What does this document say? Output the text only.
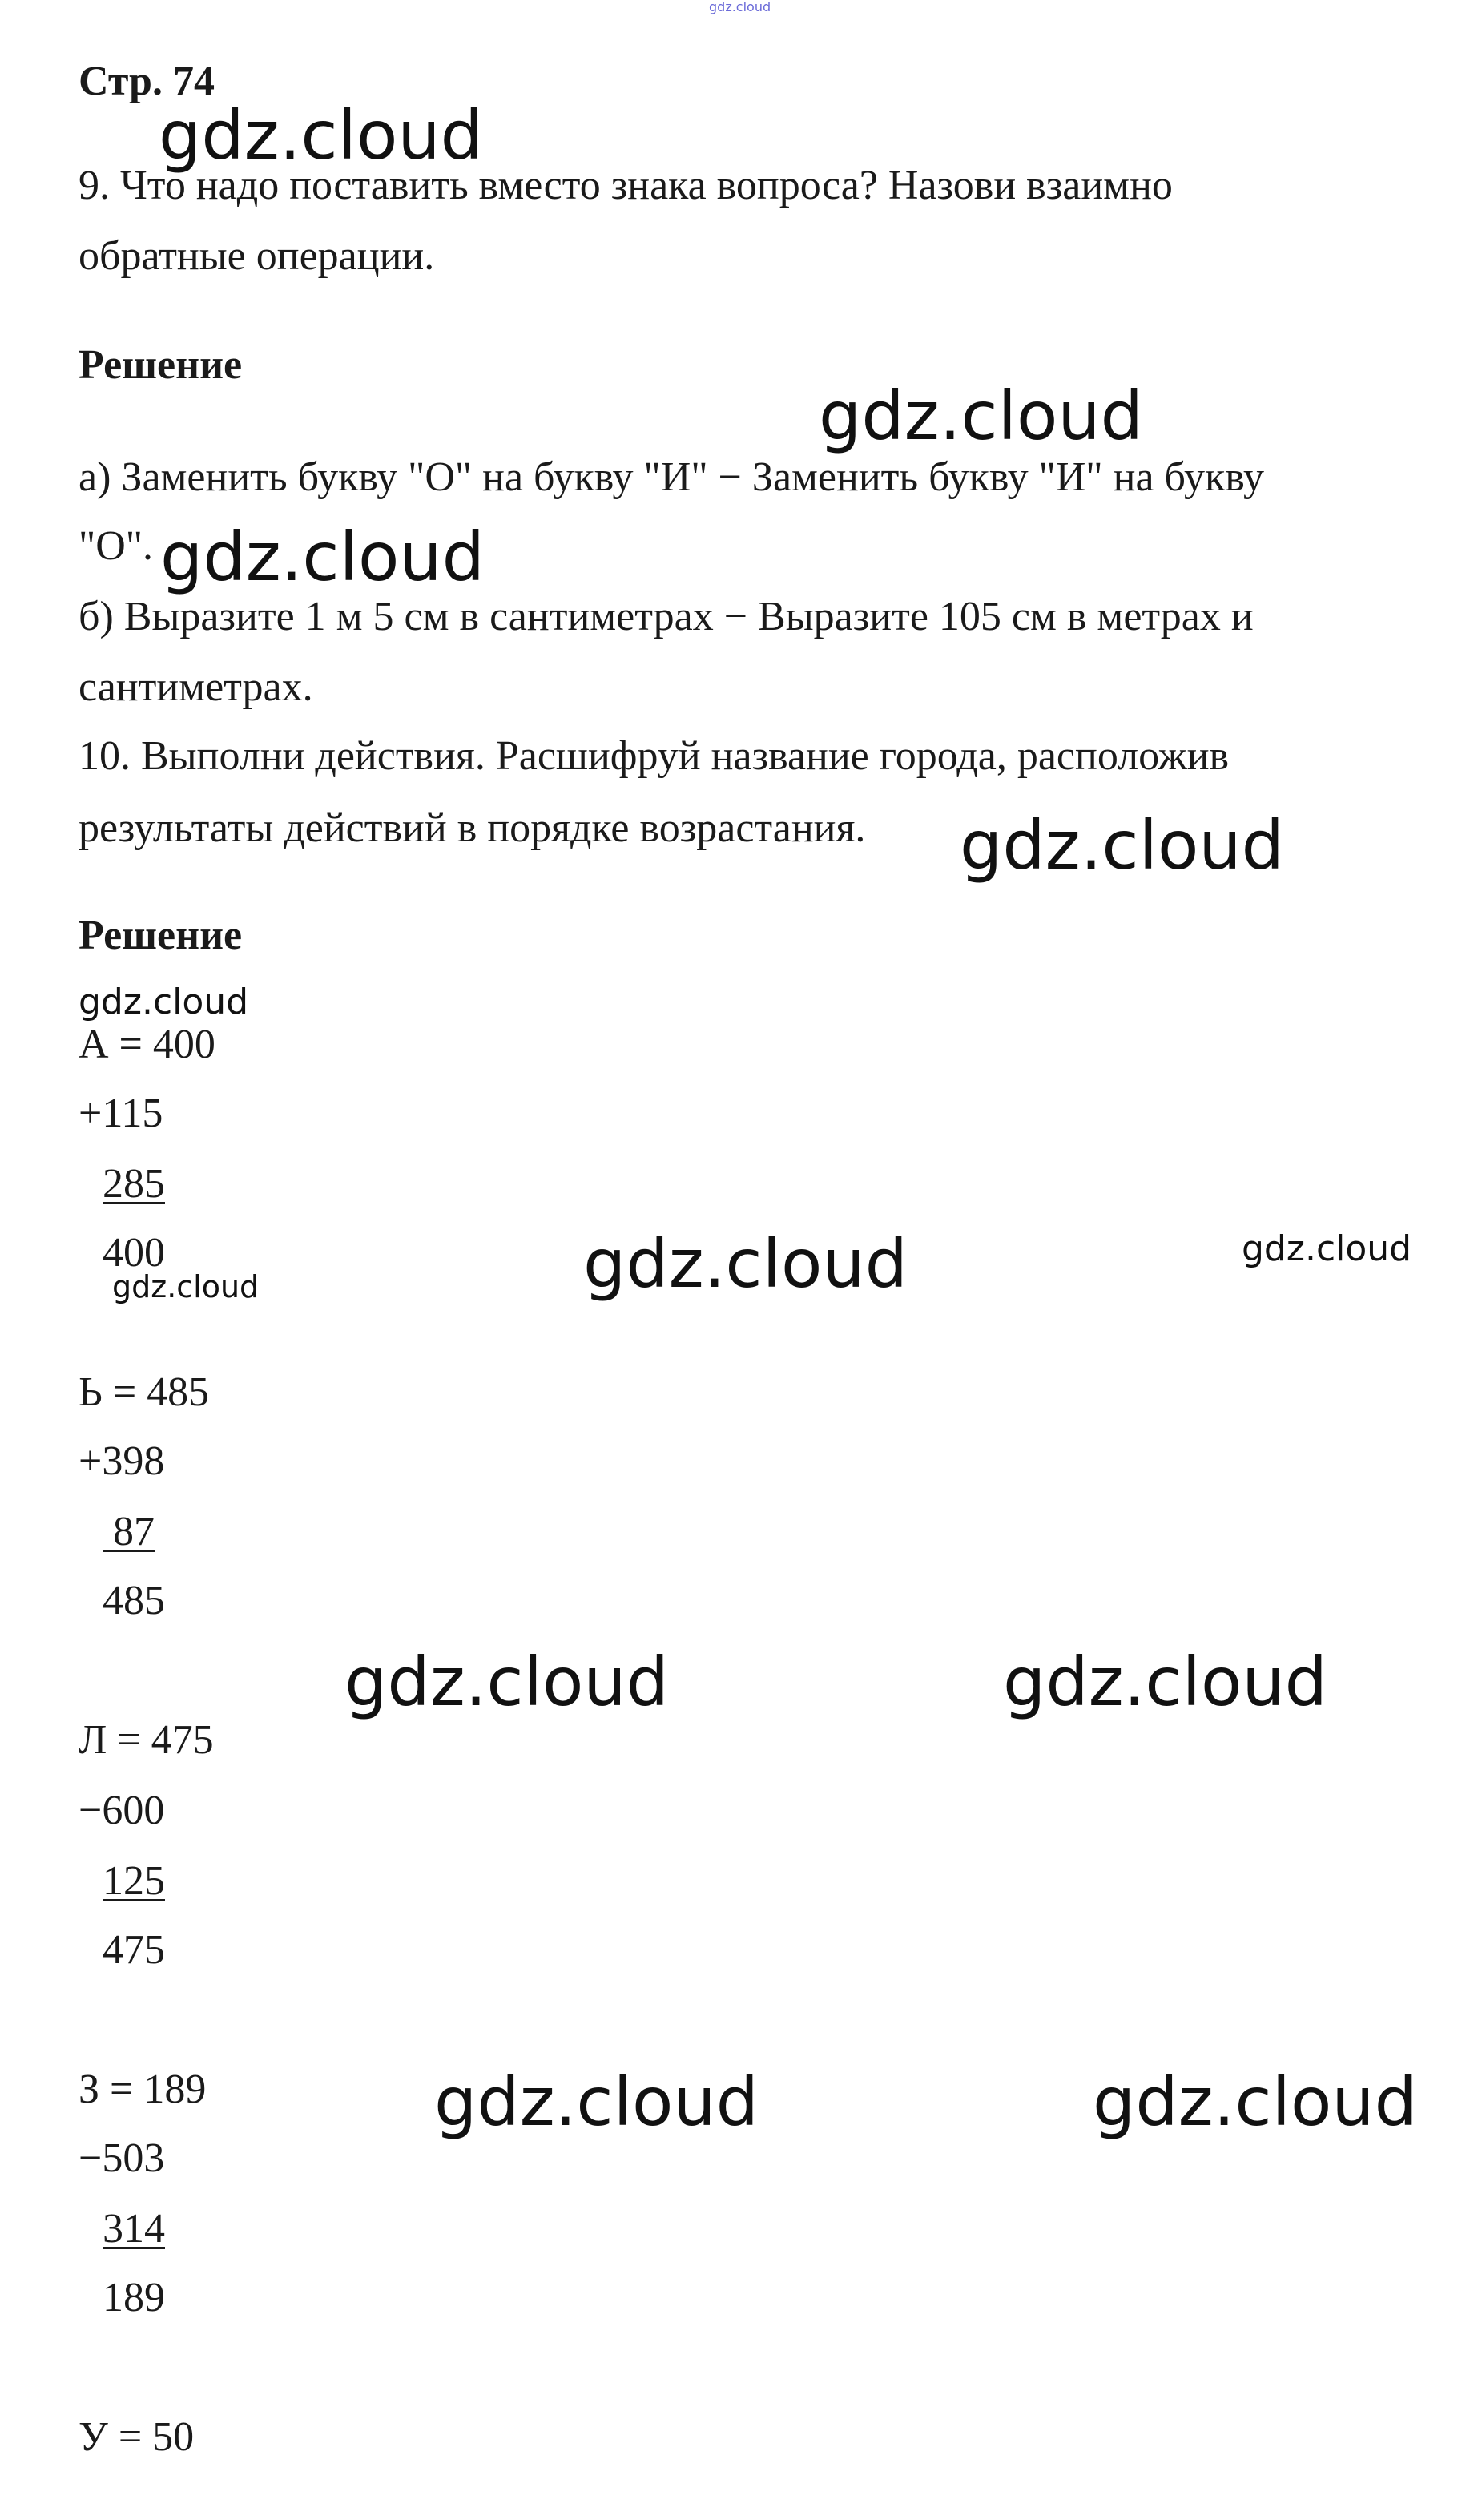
gdz.cloud
Стр. 74
9. Что надо поставить вместо знака вопроса? Назови взаимно
обратные операции.
Решение
а) Заменить букву "О" на букву "И" − Заменить букву "И" на букву
"О".
б) Выразите 1 м 5 см в сантиметрах − Выразите 105 см в метрах и
сантиметрах.
10. Выполни действия. Расшифруй название города, расположив
результаты действий в порядке возрастания.
Решение
А = 400
+115
285
400
Ь = 485
+398
87
485
Л = 475
−600
125
475
З = 189
−503
314
189
У = 50
gdz.cloud
gdz.cloud
gdz.cloud
gdz.cloud
gdz.cloud
gdz.cloud	gdz.cloud
gdz.cloud
gdz.cloud	gdz.cloud
gdz.cloud	gdz.cloud
